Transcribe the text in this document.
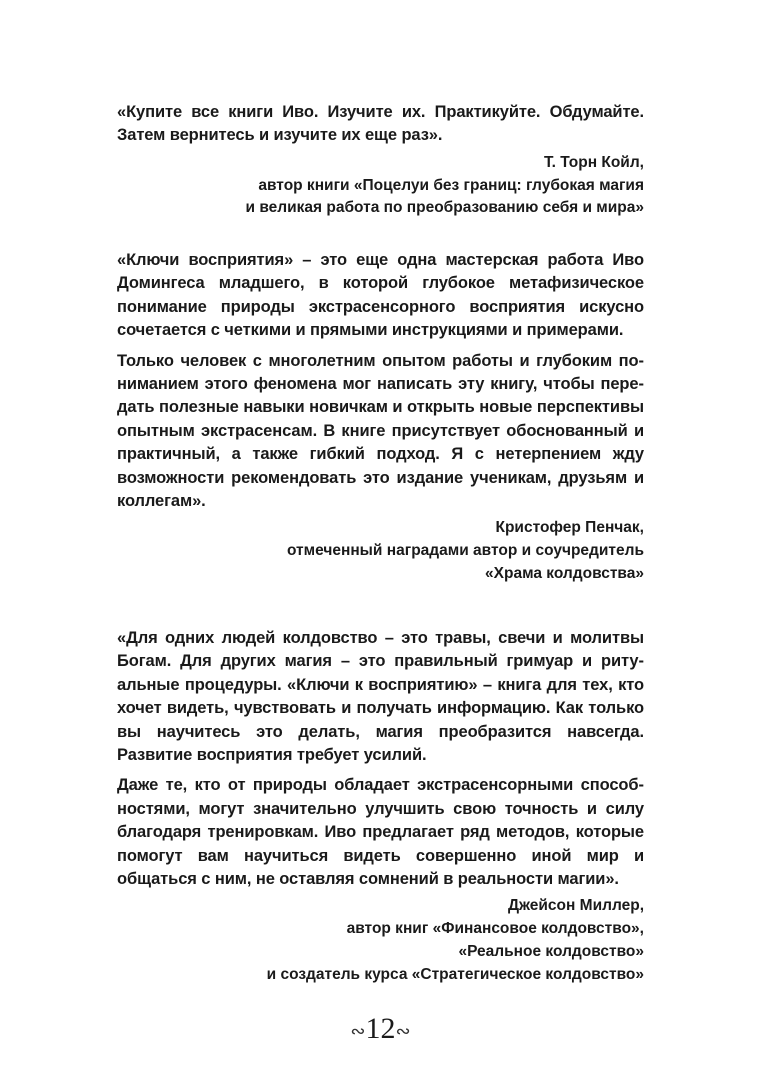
«Купите все книги Иво. Изучите их. Практикуйте. Обдумайте. Затем вернитесь и изучите их еще раз».

Т. Торн Койл,
автор книги «Поцелуи без границ: глубокая магия
и великая работа по преобразованию себя и мира»

«Ключи восприятия» – это еще одна мастерская работа Иво Домингеса младшего, в которой глубокое метафизическое понимание природы экстрасенсорного восприятия искусно сочетается с четкими и прямыми инструкциями и примерами.

Только человек с многолетним опытом работы и глубоким пониманием этого феномена мог написать эту книгу, чтобы передать полезные навыки новичкам и открыть новые перспективы опытным экстрасенсам. В книге присутствует обоснованный и практичный, а также гибкий подход. Я с нетерпением жду возможности рекомендовать это издание ученикам, друзьям и коллегам».

Кристофер Пенчак,
отмеченный наградами автор и соучредитель
«Храма колдовства»

«Для одних людей колдовство – это травы, свечи и молитвы Богам. Для других магия – это правильный гримуар и ритуальные процедуры. «Ключи к восприятию» – книга для тех, кто хочет видеть, чувствовать и получать информацию. Как только вы научитесь это делать, магия преобразится навсегда. Развитие восприятия требует усилий.

Даже те, кто от природы обладает экстрасенсорными способностями, могут значительно улучшить свою точность и силу благодаря тренировкам. Иво предлагает ряд методов, которые помогут вам научиться видеть совершенно иной мир и общаться с ним, не оставляя сомнений в реальности магии».

Джейсон Миллер,
автор книг «Финансовое колдовство»,
«Реальное колдовство»
и создатель курса «Стратегическое колдовство»
∾12∾
